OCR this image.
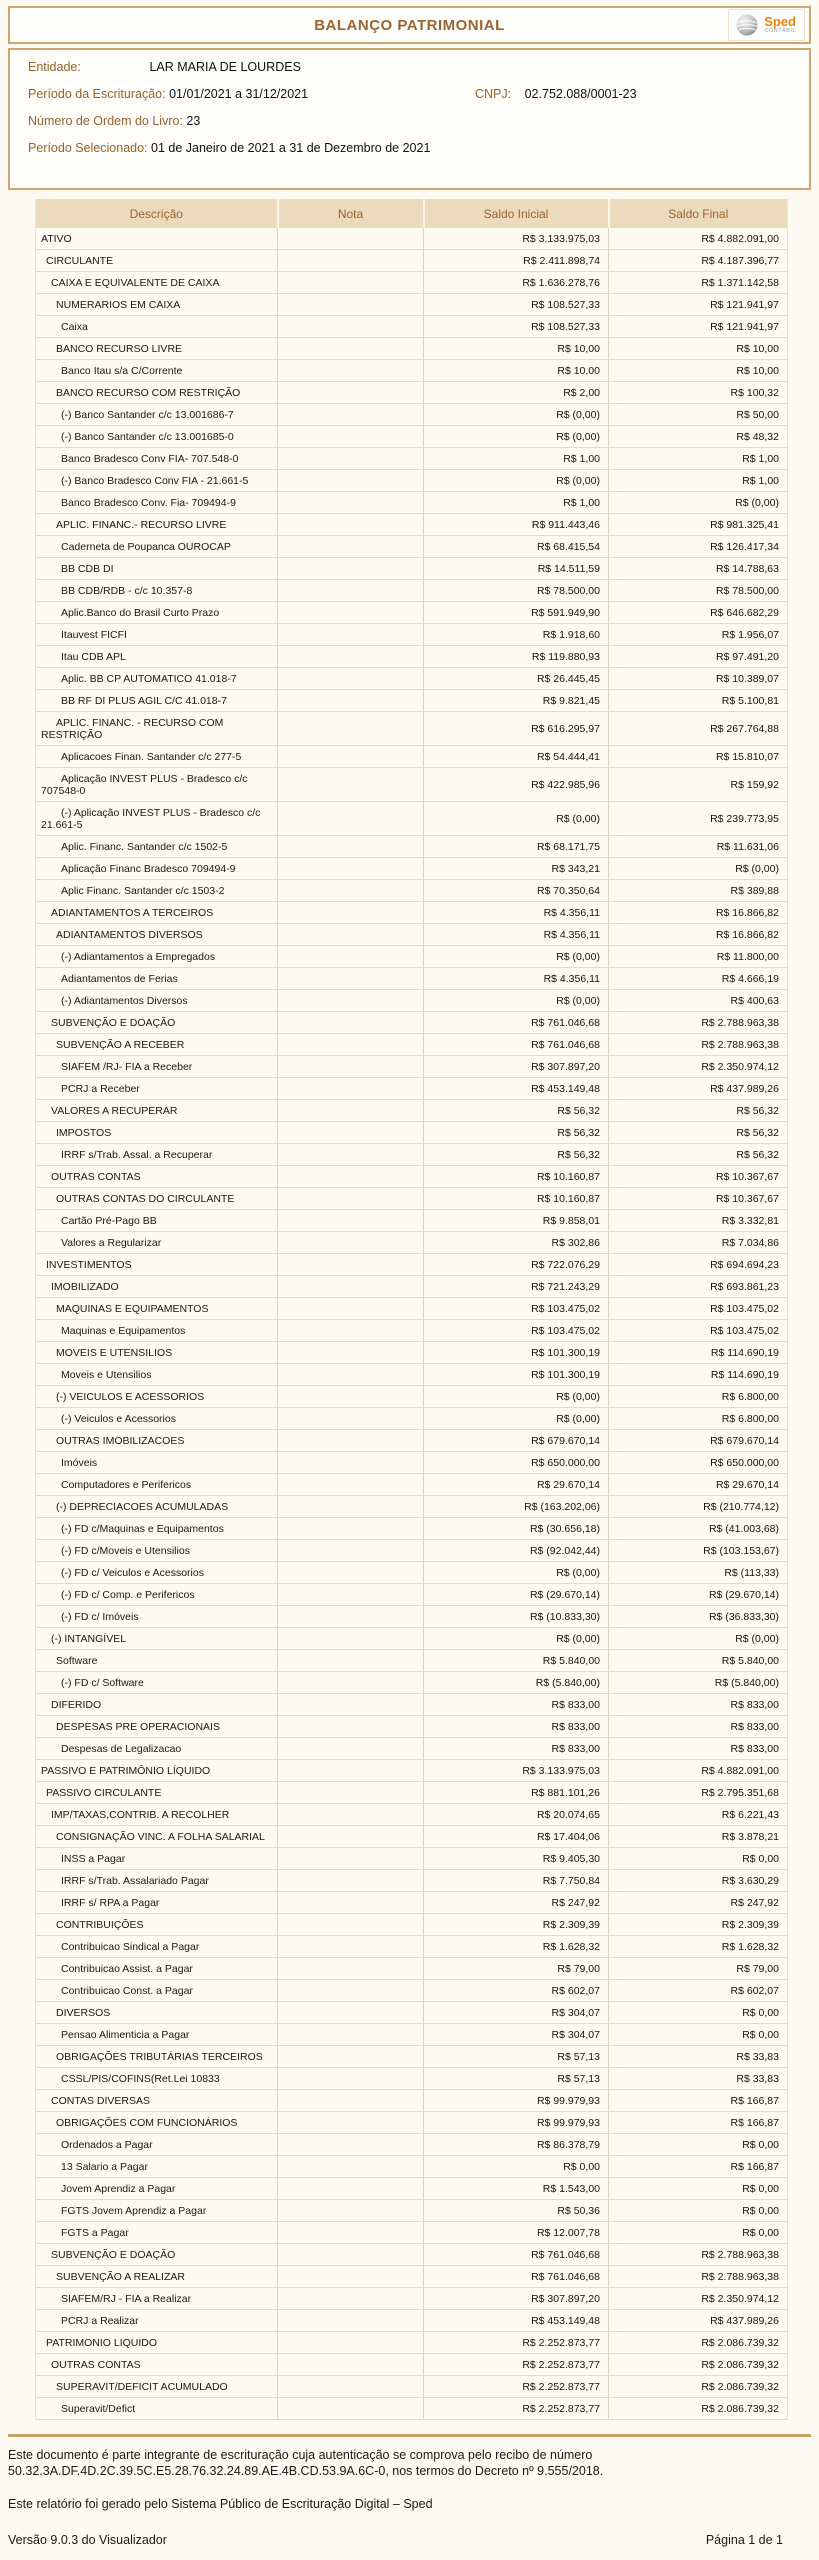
BALANÇO PATRIMONIAL	Sped
CONTÁBIL
Entidade:	LAR MARIA DE LOURDES
Período da Escrituração: 01/01/2021 a 31/12/2021	CNPJ: 02.752.088/0001-23
Número de Ordem do Livro: 23
Período Selecionado: 01 de Janeiro de 2021 a 31 de Dezembro de 2021
Descrição	Nota	Saldo Inicial	Saldo Final
ATIVO		R$ 3.133.975,03	R$ 4.882.091,00
CIRCULANTE		R$ 2.411.898,74	R$ 4.187.396,77
CAIXA E EQUIVALENTE DE CAIXA		R$ 1.636.278,76	R$ 1.371.142,58
NUMERARIOS EM CAIXA		R$ 108.527,33	R$ 121.941,97
Caixa		R$ 108.527,33	R$ 121.941,97
BANCO RECURSO LIVRE		R$ 10,00	R$ 10,00
Banco Itau s/a C/Corrente		R$ 10,00	R$ 10,00
BANCO RECURSO COM RESTRIÇÃO		R$ 2,00	R$ 100,32
(-) Banco Santander c/c 13.001686-7		R$ (0,00)	R$ 50,00
(-) Banco Santander c/c 13.001685-0		R$ (0,00)	R$ 48,32
Banco Bradesco Conv FIA- 707.548-0		R$ 1,00	R$ 1,00
(-) Banco Bradesco Conv FIA - 21.661-5		R$ (0,00)	R$ 1,00
Banco Bradesco Conv. Fia- 709494-9		R$ 1,00	R$ (0,00)
APLIC. FINANC.- RECURSO LIVRE		R$ 911.443,46	R$ 981.325,41
Caderneta de Poupanca OUROCAP		R$ 68.415,54	R$ 126.417,34
BB CDB DI		R$ 14.511,59	R$ 14.788,63
BB CDB/RDB - c/c 10.357-8		R$ 78.500,00	R$ 78.500,00
Aplic.Banco do Brasil Curto Prazo		R$ 591.949,90	R$ 646.682,29
Itauvest FICFI		R$ 1.918,60	R$ 1.956,07
Itau CDB APL		R$ 119.880,93	R$ 97.491,20
Aplic. BB CP AUTOMATICO 41.018-7		R$ 26.445,45	R$ 10.389,07
BB RF DI PLUS AGIL C/C 41.018-7		R$ 9.821,45	R$ 5.100,81
APLIC. FINANC. - RECURSO COM RESTRIÇÃO		R$ 616.295,97	R$ 267.764,88
Aplicacoes Finan. Santander c/c 277-5		R$ 54.444,41	R$ 15.810,07
Aplicação INVEST PLUS - Bradesco c/c 707548-0		R$ 422.985,96	R$ 159,92
(-) Aplicação INVEST PLUS - Bradesco c/c 21.661-5		R$ (0,00)	R$ 239.773,95
Aplic. Financ. Santander c/c 1502-5		R$ 68.171,75	R$ 11.631,06
Aplicação Financ Bradesco 709494-9		R$ 343,21	R$ (0,00)
Aplic Financ. Santander c/c 1503-2		R$ 70.350,64	R$ 389,88
ADIANTAMENTOS A TERCEIROS		R$ 4.356,11	R$ 16.866,82
ADIANTAMENTOS DIVERSOS		R$ 4.356,11	R$ 16.866,82
(-) Adiantamentos a Empregados		R$ (0,00)	R$ 11.800,00
Adiantamentos de Ferias		R$ 4.356,11	R$ 4.666,19
(-) Adiantamentos Diversos		R$ (0,00)	R$ 400,63
SUBVENÇÃO E DOAÇÃO		R$ 761.046,68	R$ 2.788.963,38
SUBVENÇÃO A RECEBER		R$ 761.046,68	R$ 2.788.963,38
SIAFEM /RJ- FIA a Receber		R$ 307.897,20	R$ 2.350.974,12
PCRJ a Receber		R$ 453.149,48	R$ 437.989,26
VALORES A RECUPERAR		R$ 56,32	R$ 56,32
IMPOSTOS		R$ 56,32	R$ 56,32
IRRF s/Trab. Assal. a Recuperar		R$ 56,32	R$ 56,32
OUTRAS CONTAS		R$ 10.160,87	R$ 10.367,67
OUTRAS CONTAS DO CIRCULANTE		R$ 10.160,87	R$ 10.367,67
Cartão Pré-Pago BB		R$ 9.858,01	R$ 3.332,81
Valores a Regularizar		R$ 302,86	R$ 7.034,86
INVESTIMENTOS		R$ 722.076,29	R$ 694.694,23
IMOBILIZADO		R$ 721.243,29	R$ 693.861,23
MAQUINAS E EQUIPAMENTOS		R$ 103.475,02	R$ 103.475,02
Maquinas e Equipamentos		R$ 103.475,02	R$ 103.475,02
MOVEIS E UTENSILIOS		R$ 101.300,19	R$ 114.690,19
Moveis e Utensilios		R$ 101.300,19	R$ 114.690,19
(-) VEICULOS E ACESSORIOS		R$ (0,00)	R$ 6.800,00
(-) Veiculos e Acessorios		R$ (0,00)	R$ 6.800,00
OUTRAS IMOBILIZACOES		R$ 679.670,14	R$ 679.670,14
Imóveis		R$ 650.000,00	R$ 650.000,00
Computadores e Perifericos		R$ 29.670,14	R$ 29.670,14
(-) DEPRECIACOES ACUMULADAS		R$ (163.202,06)	R$ (210.774,12)
(-) FD c/Maquinas e Equipamentos		R$ (30.656,18)	R$ (41.003,68)
(-) FD c/Moveis e Utensilios		R$ (92.042,44)	R$ (103.153,67)
(-) FD c/ Veiculos e Acessorios		R$ (0,00)	R$ (113,33)
(-) FD c/ Comp. e Perifericos		R$ (29.670,14)	R$ (29.670,14)
(-) FD c/ Imóveis		R$ (10.833,30)	R$ (36.833,30)
(-) INTANGÍVEL		R$ (0,00)	R$ (0,00)
Software		R$ 5.840,00	R$ 5.840,00
(-) FD c/ Software		R$ (5.840,00)	R$ (5.840,00)
DIFERIDO		R$ 833,00	R$ 833,00
DESPESAS PRE OPERACIONAIS		R$ 833,00	R$ 833,00
Despesas de Legalizacao		R$ 833,00	R$ 833,00
PASSIVO E PATRIMÔNIO LÍQUIDO		R$ 3.133.975,03	R$ 4.882.091,00
PASSIVO CIRCULANTE		R$ 881.101,26	R$ 2.795.351,68
IMP/TAXAS,CONTRIB. A RECOLHER		R$ 20.074,65	R$ 6.221,43
CONSIGNAÇÃO VINC. A FOLHA SALARIAL		R$ 17.404,06	R$ 3.878,21
INSS a Pagar		R$ 9.405,30	R$ 0,00
IRRF s/Trab. Assalariado Pagar		R$ 7.750,84	R$ 3.630,29
IRRF s/ RPA a Pagar		R$ 247,92	R$ 247,92
CONTRIBUIÇÕES		R$ 2.309,39	R$ 2.309,39
Contribuicao Sindical a Pagar		R$ 1.628,32	R$ 1.628,32
Contribuicao Assist. a Pagar		R$ 79,00	R$ 79,00
Contribuicao Const. a Pagar		R$ 602,07	R$ 602,07
DIVERSOS		R$ 304,07	R$ 0,00
Pensao Alimenticia a Pagar		R$ 304,07	R$ 0,00
OBRIGAÇÕES TRIBUTÁRIAS TERCEIROS		R$ 57,13	R$ 33,83
CSSL/PIS/COFINS(Ret.Lei 10833		R$ 57,13	R$ 33,83
CONTAS DIVERSAS		R$ 99.979,93	R$ 166,87
OBRIGAÇÕES COM FUNCIONÁRIOS		R$ 99.979,93	R$ 166,87
Ordenados a Pagar		R$ 86.378,79	R$ 0,00
13 Salario a Pagar		R$ 0,00	R$ 166,87
Jovem Aprendiz a Pagar		R$ 1.543,00	R$ 0,00
FGTS Jovem Aprendiz a Pagar		R$ 50,36	R$ 0,00
FGTS a Pagar		R$ 12.007,78	R$ 0,00
SUBVENÇÃO E DOAÇÃO		R$ 761.046,68	R$ 2.788.963,38
SUBVENÇÃO A REALIZAR		R$ 761.046,68	R$ 2.788.963,38
SIAFEM/RJ - FIA a Realizar		R$ 307.897,20	R$ 2.350.974,12
PCRJ a Realizar		R$ 453.149,48	R$ 437.989,26
PATRIMONIO LIQUIDO		R$ 2.252.873,77	R$ 2.086.739,32
OUTRAS CONTAS		R$ 2.252.873,77	R$ 2.086.739,32
SUPERAVIT/DEFICIT ACUMULADO		R$ 2.252.873,77	R$ 2.086.739,32
Superavit/Defict		R$ 2.252.873,77	R$ 2.086.739,32
Este documento é parte integrante de escrituração cuja autenticação se comprova pelo recibo de número 50.32.3A.DF.4D.2C.39.5C.E5.28.76.32.24.89.AE.4B.CD.53.9A.6C-0, nos termos do Decreto nº 9.555/2018.
Este relatório foi gerado pelo Sistema Público de Escrituração Digital – Sped
Versão 9.0.3 do Visualizador	Página 1 de 1
